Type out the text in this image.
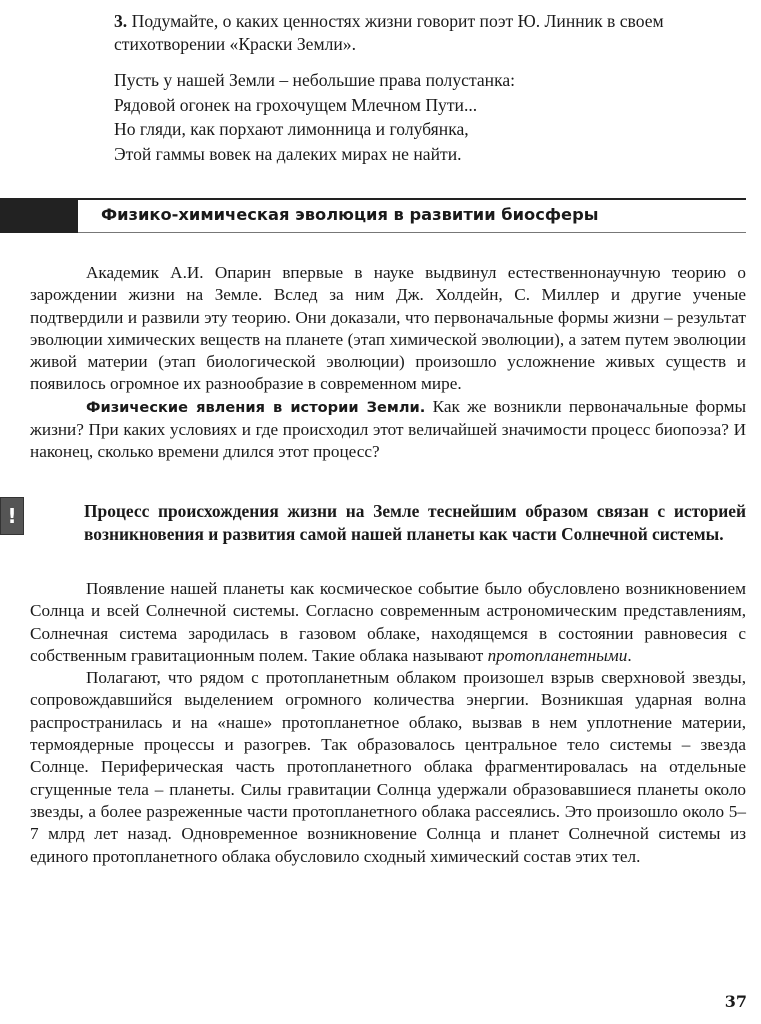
3. Подумайте, о каких ценностях жизни говорит поэт Ю. Линник в своем стихотворении «Краски Земли».

Пусть у нашей Земли – небольшие права полустанка:
Рядовой огонек на грохочущем Млечном Пути...
Но гляди, как порхают лимонница и голубянка,
Этой гаммы вовек на далеких мирах не найти.
Физико-химическая эволюция в развитии биосферы

Академик А.И. Опарин впервые в науке выдвинул естественнонаучную теорию о зарождении жизни на Земле. Вслед за ним Дж. Холдейн, С. Миллер и другие ученые подтвердили и развили эту теорию. Они доказали, что первоначальные формы жизни – результат эволюции химических веществ на планете (этап химической эволюции), а затем путем эволюции живой материи (этап биологической эволюции) произошло усложнение живых существ и появилось огромное их разнообразие в современном мире.

Физические явления в истории Земли. Как же возникли первоначальные формы жизни? При каких условиях и где происходил этот величайшей значимости процесс биопоэза? И наконец, сколько времени длился этот процесс?

!	Процесс происхождения жизни на Земле теснейшим образом связан с историей возникновения и развития самой нашей планеты как части Солнечной системы.

Появление нашей планеты как космическое событие было обусловлено возникновением Солнца и всей Солнечной системы. Согласно современным астрономическим представлениям, Солнечная система зародилась в газовом облаке, находящемся в состоянии равновесия с собственным гравитационным полем. Такие облака называют протопланетными.

Полагают, что рядом с протопланетным облаком произошел взрыв сверхновой звезды, сопровождавшийся выделением огромного количества энергии. Возникшая ударная волна распространилась и на «наше» протопланетное облако, вызвав в нем уплотнение материи, термоядерные процессы и разогрев. Так образовалось центральное тело системы – звезда Солнце. Периферическая часть протопланетного облака фрагментировалась на отдельные сгущенные тела – планеты. Силы гравитации Солнца удержали образовавшиеся планеты около звезды, а более разреженные части протопланетного облака рассеялись. Это произошло около 5–7 млрд лет назад. Одновременное возникновение Солнца и планет Солнечной системы из единого протопланетного облака обусловило сходный химический состав этих тел.

37
